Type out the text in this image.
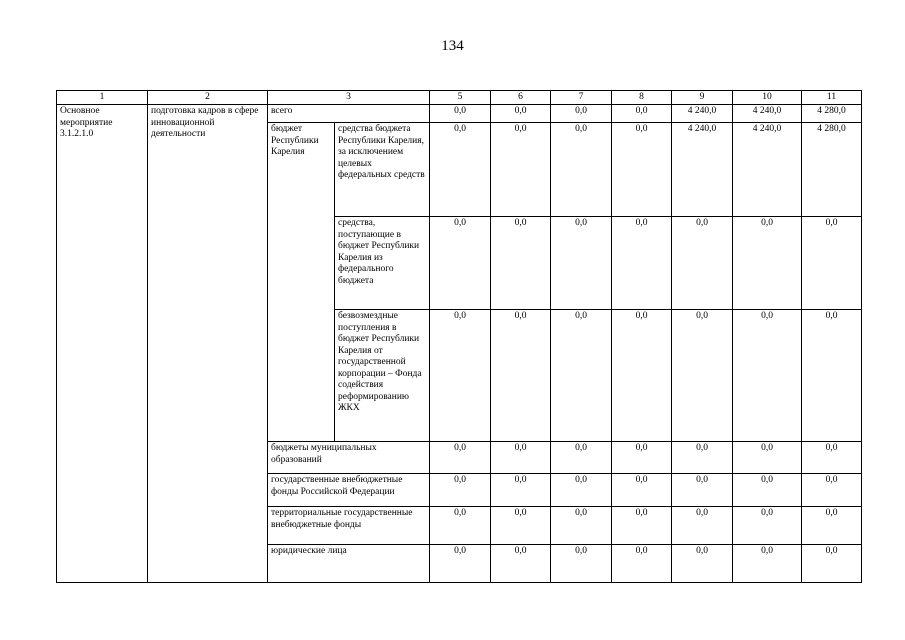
134
1	2	3		5	6	7	8	9	10	11
Основное мероприятие 3.1.2.1.0	подготовка кадров в сфере инновационной деятельности	всего		0,0	0,0	0,0	0,0	4 240,0	4 240,0	4 280,0
		бюджет Республики Карелия	средства бюджета Республики Карелия, за исключением целевых федеральных средств	0,0	0,0	0,0	0,0	4 240,0	4 240,0	4 280,0
			средства, поступающие в бюджет Республики Карелия из федерального бюджета	0,0	0,0	0,0	0,0	0,0	0,0	0,0
			безвозмездные поступления в бюджет Республики Карелия от государственной корпорации – Фонда содействия реформированию ЖКХ	0,0	0,0	0,0	0,0	0,0	0,0	0,0
		бюджеты муниципальных образований		0,0	0,0	0,0	0,0	0,0	0,0	0,0
		государственные внебюджетные фонды Российской Федерации		0,0	0,0	0,0	0,0	0,0	0,0	0,0
		территориальные государственные внебюджетные фонды		0,0	0,0	0,0	0,0	0,0	0,0	0,0
		юридические лица		0,0	0,0	0,0	0,0	0,0	0,0	0,0
